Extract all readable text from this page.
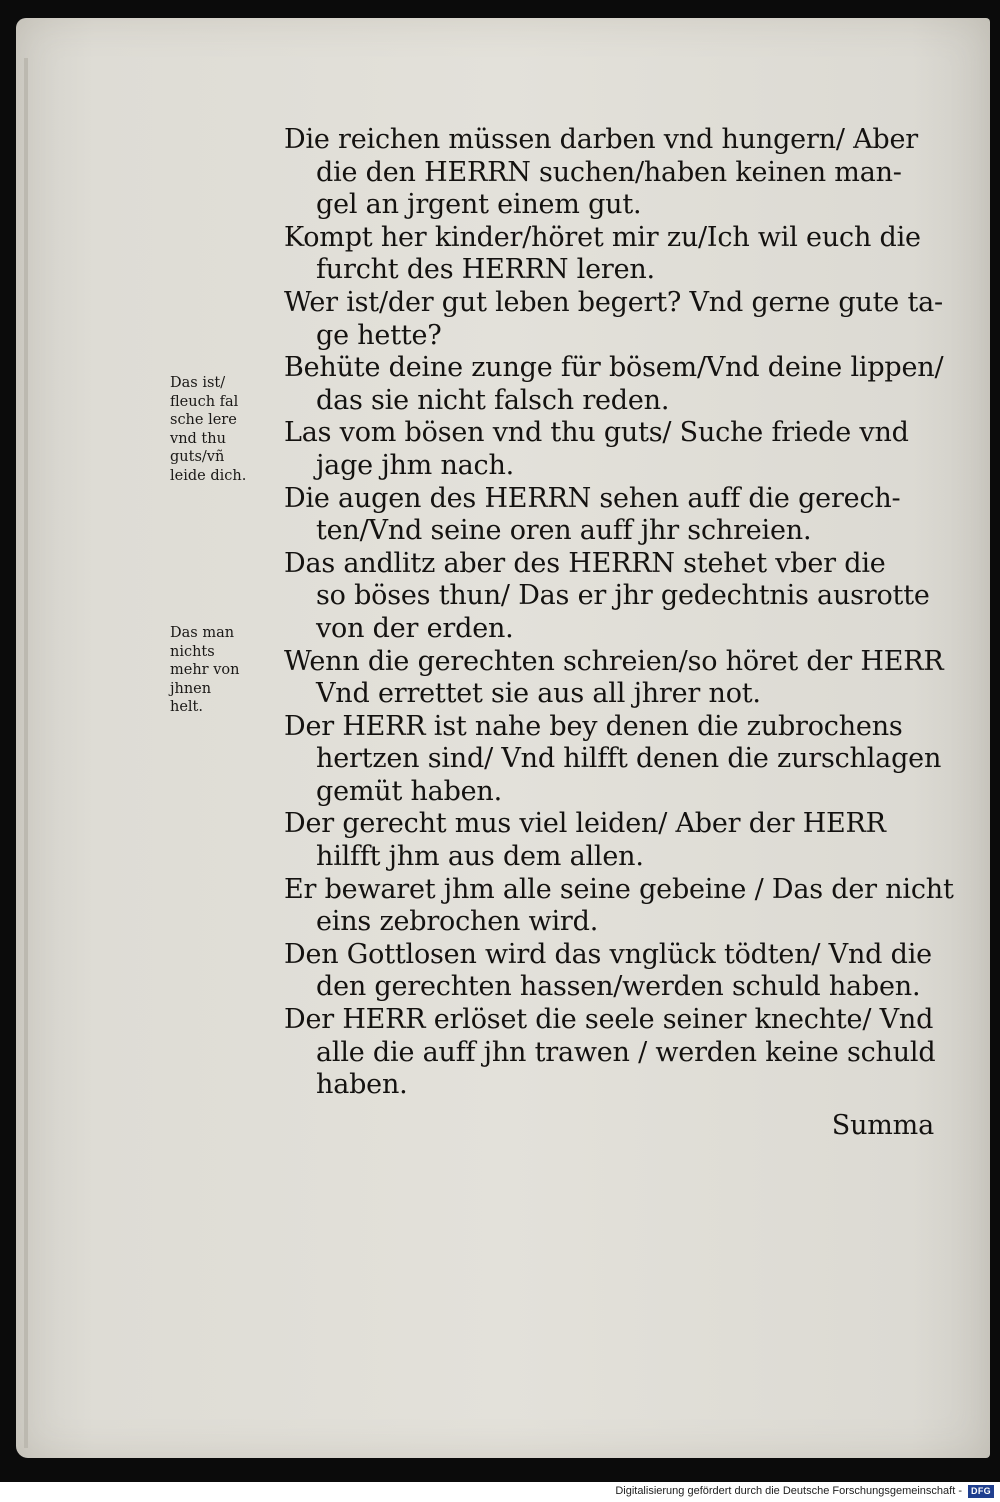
Die reichen müssen darben vnd hungern/ Aber
die den HERRN suchen/haben keinen man-
gel an jrgent einem gut.
Kompt her kinder/höret mir zu/Ich wil euch die
furcht des HERRN leren.
Wer ist/der gut leben begert? Vnd gerne gute ta-
ge hette?
Behüte deine zunge für bösem/Vnd deine lippen/
das sie nicht falsch reden.
Las vom bösen vnd thu guts/ Suche friede vnd
jage jhm nach.
Die augen des HERRN sehen auff die gerech-
ten/Vnd seine oren auff jhr schreien.
Das andlitz aber des HERRN stehet vber die
so böses thun/ Das er jhr gedechtnis ausrotte
von der erden.
Wenn die gerechten schreien/so höret der HERR
Vnd errettet sie aus all jhrer not.
Der HERR ist nahe bey denen die zubrochens
hertzen sind/ Vnd hilfft denen die zurschlagen
gemüt haben.
Der gerecht mus viel leiden/ Aber der HERR
hilfft jhm aus dem allen.
Er bewaret jhm alle seine gebeine / Das der nicht
eins zebrochen wird.
Den Gottlosen wird das vnglück tödten/ Vnd die
den gerechten hassen/werden schuld haben.
Der HERR erlöset die seele seiner knechte/ Vnd
alle die auff jhn trawen / werden keine schuld
haben.
Summa
Das ist/
fleuch fal
sche lere
vnd thu
guts/vñ
leide dich.
Das man
nichts
mehr von
jhnen
helt.
Digitalisierung gefördert durch die Deutsche Forschungsgemeinschaft -	DFG
